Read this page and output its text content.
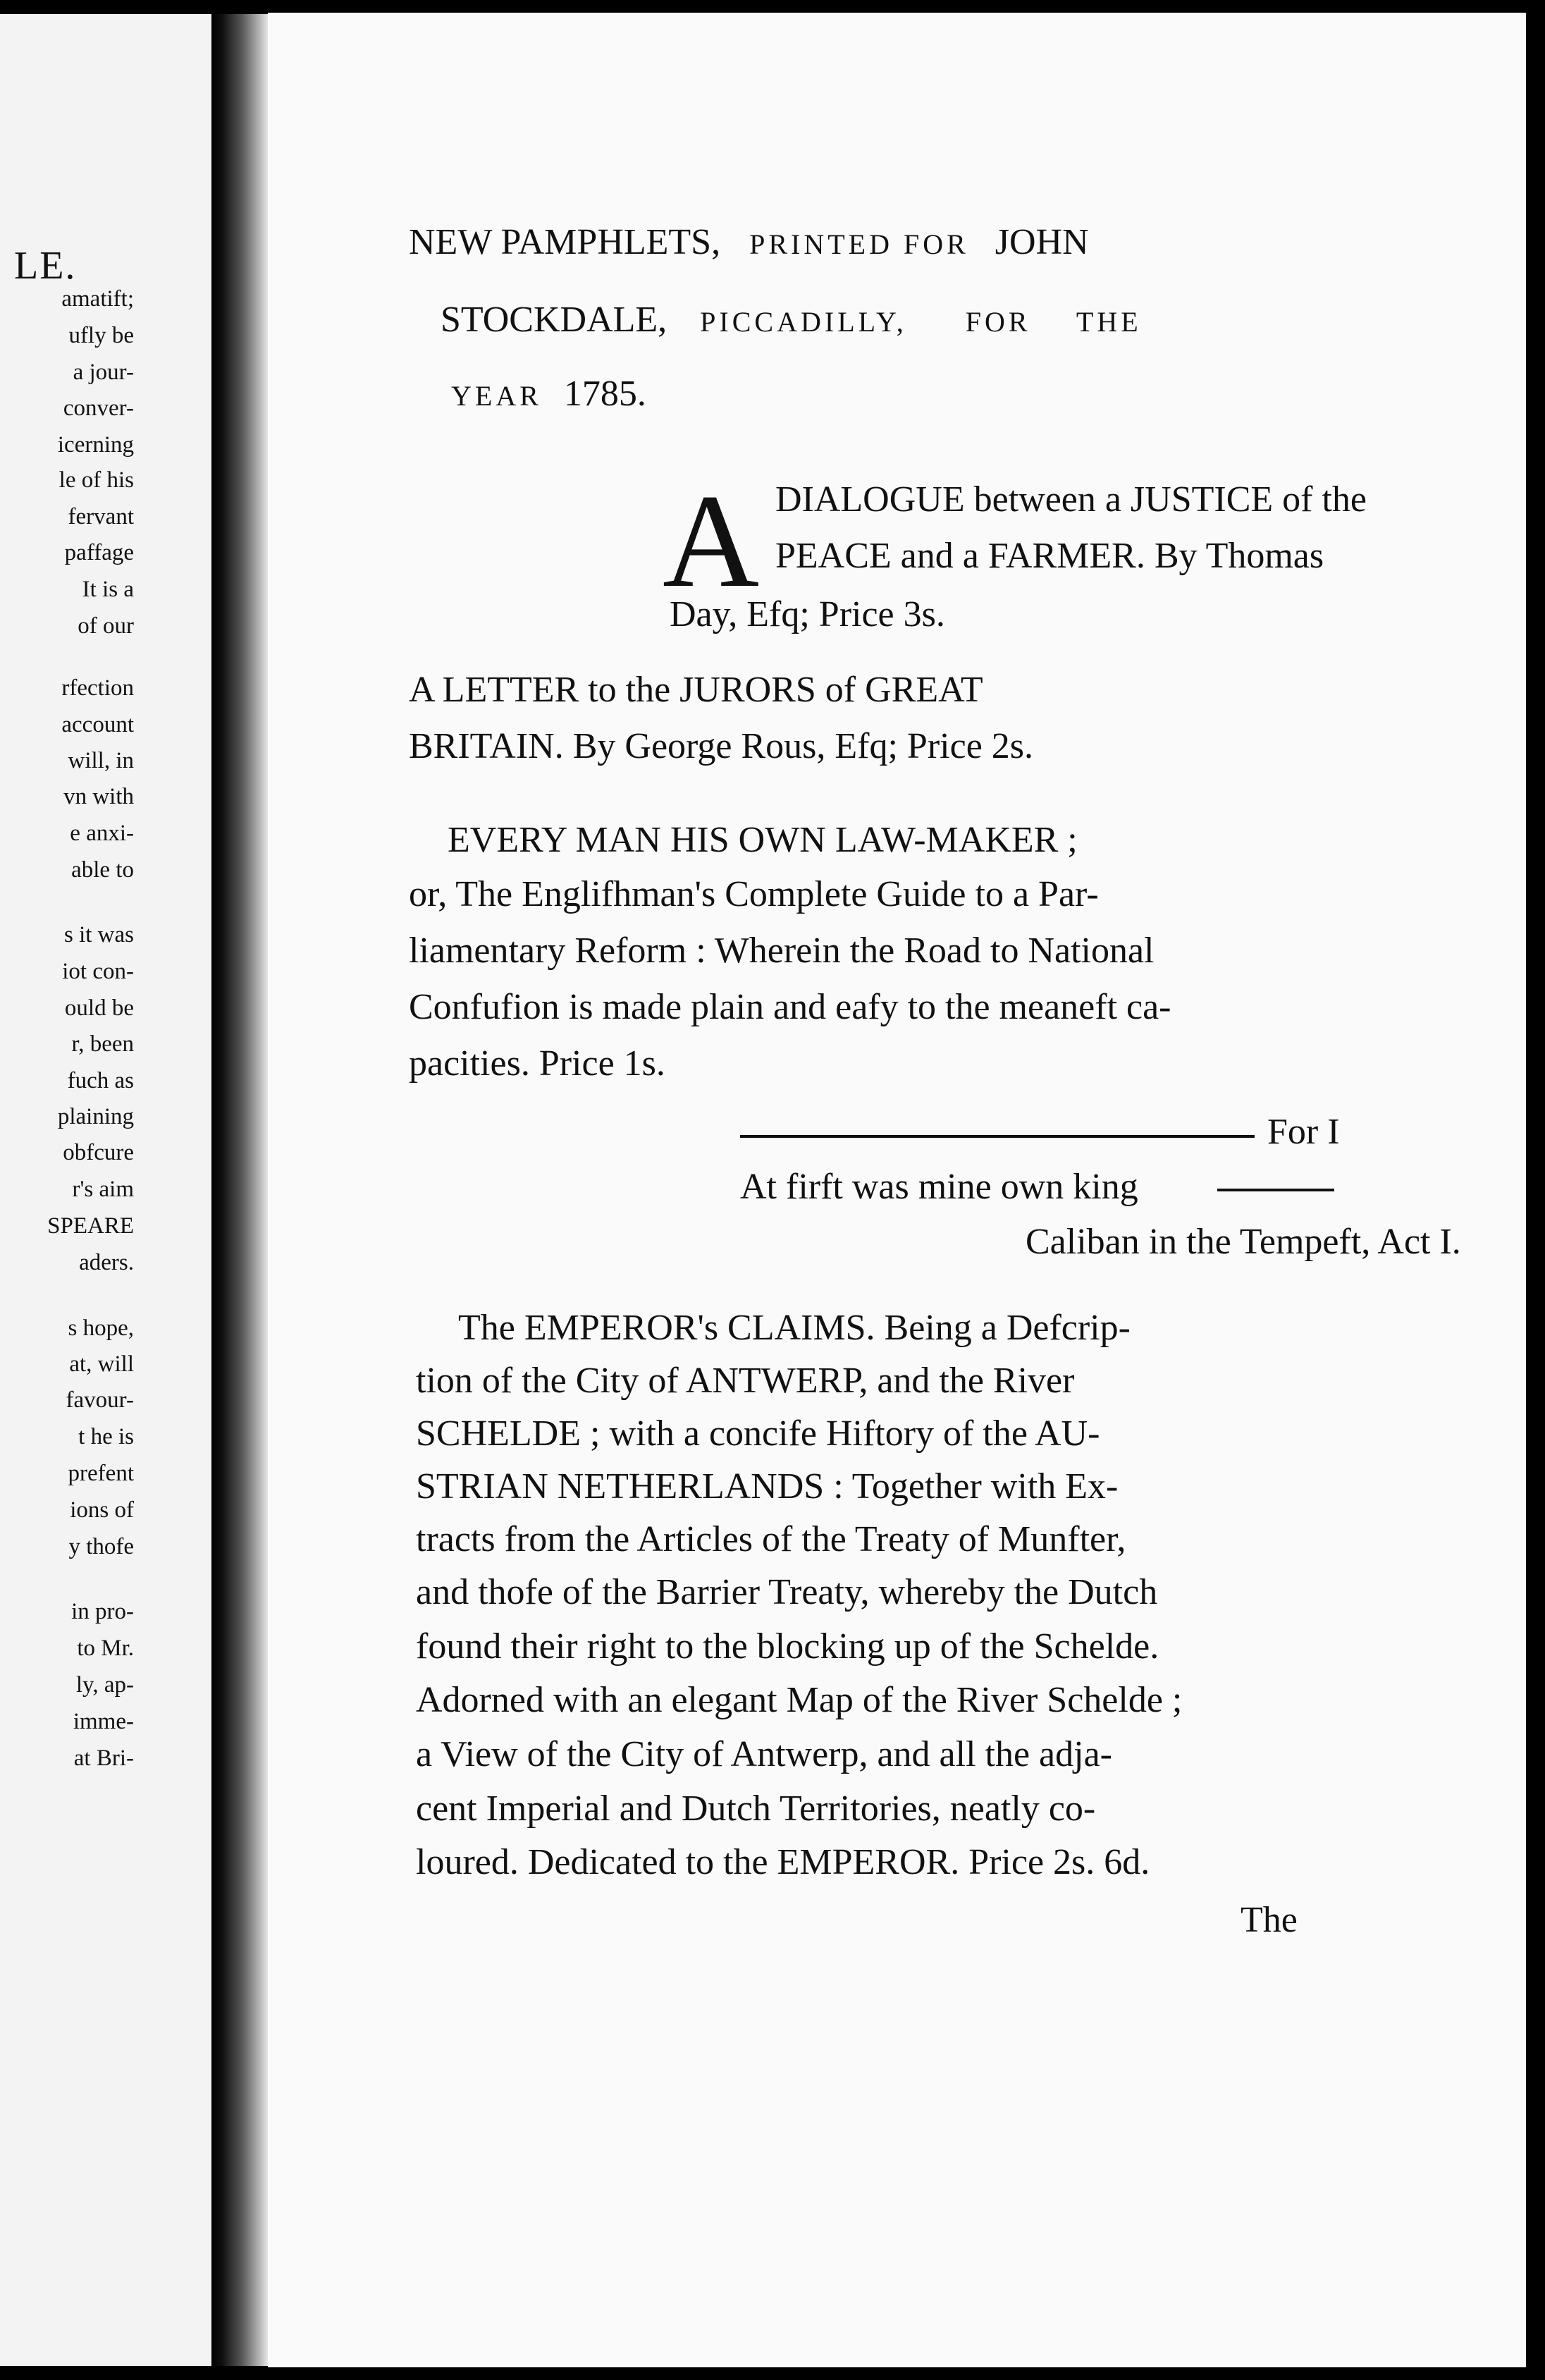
LE.
amatift;
ufly be
a jour-
conver-
icerning
le of his
fervant
paffage
It is a
of our
rfection
account
will, in
vn with
e anxi-
able to
s it was
iot con-
ould be
r, been
fuch as
plaining
obfcure
r's aim
SPEARE
aders.
s hope,
at, will
favour-
t he is
prefent
ions of
y thofe
in pro-
to Mr.
ly, ap-
imme-
at Bri-
NEW PAMPHLETS, PRINTED FOR JOHN
STOCKDALE, PICCADILLY, FOR THE
YEAR 1785.
A DIALOGUE between a JUSTICE of the
PEACE and a FARMER. By Thomas
Day, Efq; Price 3s.
A LETTER to the JURORS of GREAT
BRITAIN. By George Rous, Efq; Price 2s.
EVERY MAN HIS OWN LAW-MAKER ;
or, The Englifhman's Complete Guide to a Par-
liamentary Reform : Wherein the Road to National
Confufion is made plain and eafy to the meaneft ca-
pacities. Price 1s.
For I
At firft was mine own king
Caliban in the Tempeft, Act I.
The EMPEROR's CLAIMS. Being a Defcrip-
tion of the City of ANTWERP, and the River
SCHELDE ; with a concife Hiftory of the AU-
STRIAN NETHERLANDS : Together with Ex-
tracts from the Articles of the Treaty of Munfter,
and thofe of the Barrier Treaty, whereby the Dutch
found their right to the blocking up of the Schelde.
Adorned with an elegant Map of the River Schelde ;
a View of the City of Antwerp, and all the adja-
cent Imperial and Dutch Territories, neatly co-
loured. Dedicated to the EMPEROR. Price 2s. 6d.
The
